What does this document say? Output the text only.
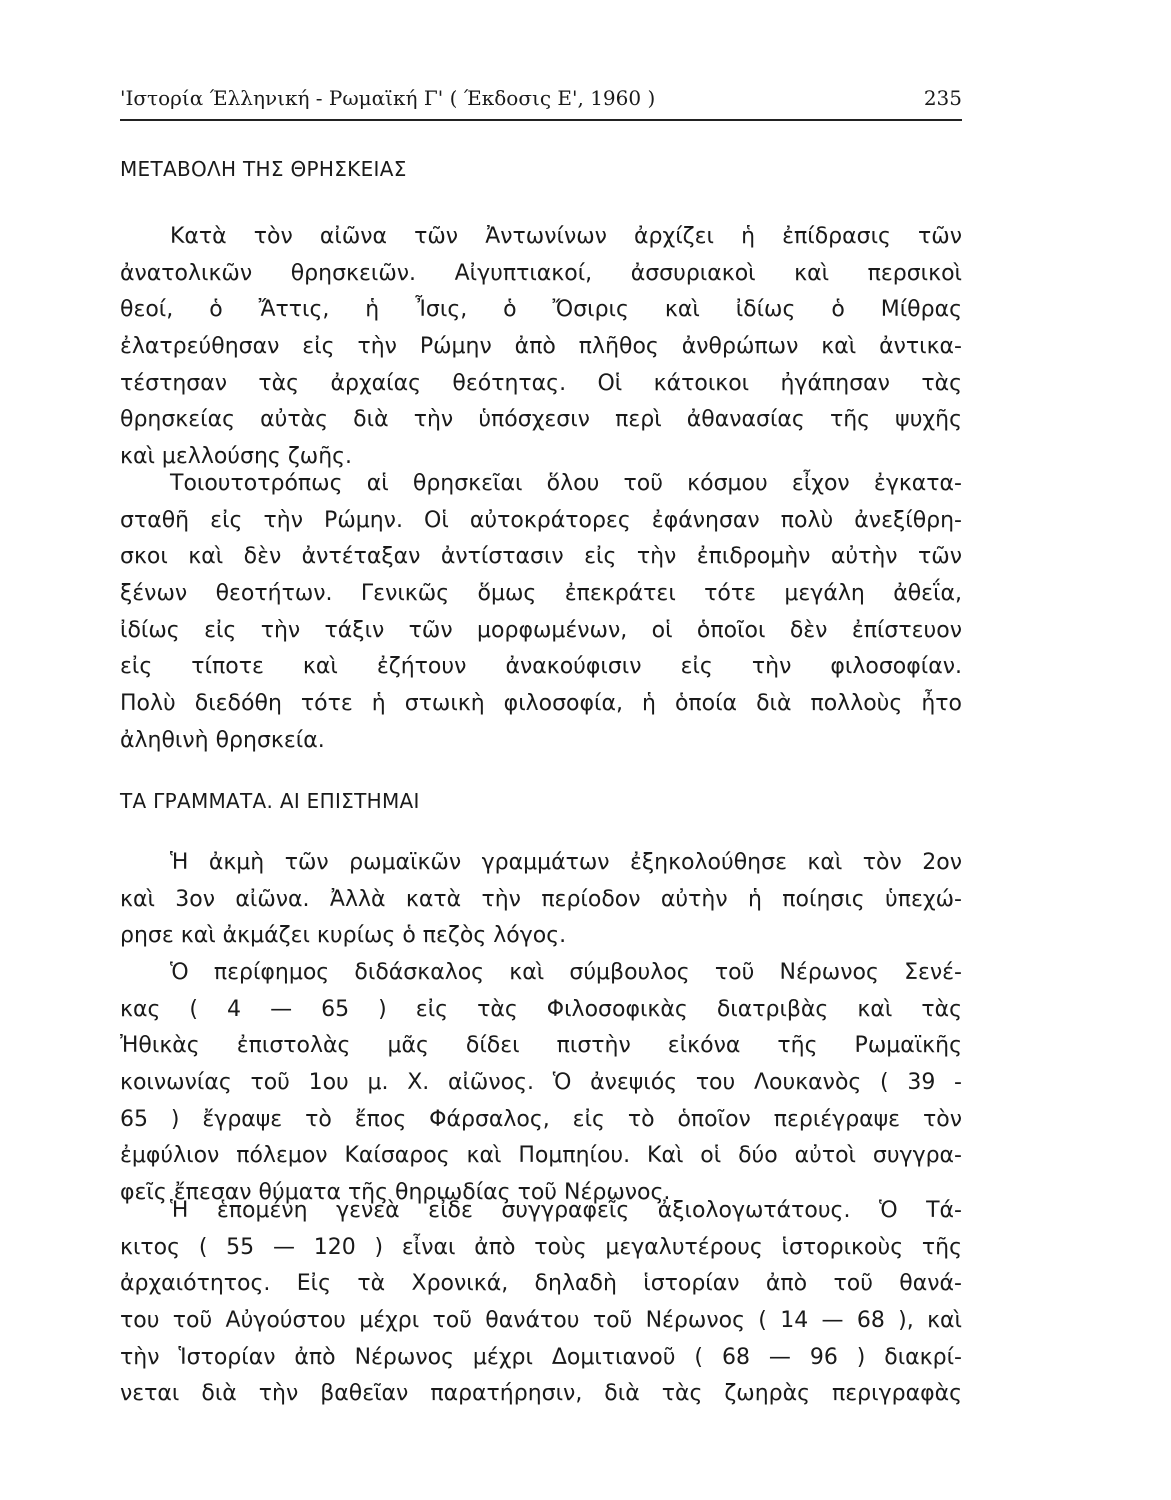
'Ιστορία Έλληνική - Ρωμαϊκή Γ' ( Έκδοσις Ε', 1960 )	235
ΜΕΤΑΒΟΛΗ ΤΗΣ ΘΡΗΣΚΕΙΑΣ
Κατὰ τὸν αἰῶνα τῶν Ἀντωνίνων ἀρχίζει ἡ ἐπίδρασις τῶν
ἀνατολικῶν θρησκειῶν. Αἰγυπτιακοί, ἀσσυριακοὶ καὶ περσικοὶ
θεοί, ὁ Ἄττις, ἡ Ἶσις, ὁ Ὄσιρις καὶ ἰδίως ὁ Μίθρας
ἐλατρεύθησαν εἰς τὴν Ρώμην ἀπὸ πλῆθος ἀνθρώπων καὶ ἀντικα-
τέστησαν τὰς ἀρχαίας θεότητας. Οἱ κάτοικοι ἠγάπησαν τὰς
θρησκείας αὐτὰς διὰ τὴν ὑπόσχεσιν περὶ ἀθανασίας τῆς ψυχῆς
καὶ μελλούσης ζωῆς.
Τοιουτοτρόπως αἱ θρησκεῖαι ὅλου τοῦ κόσμου εἶχον ἐγκατα-
σταθῆ εἰς τὴν Ρώμην. Οἱ αὐτοκράτορες ἐφάνησαν πολὺ ἀνεξίθρη-
σκοι καὶ δὲν ἀντέταξαν ἀντίστασιν εἰς τὴν ἐπιδρομὴν αὐτὴν τῶν
ξένων θεοτήτων. Γενικῶς ὅμως ἐπεκράτει τότε μεγάλη ἀθεΐα,
ἰδίως εἰς τὴν τάξιν τῶν μορφωμένων, οἱ ὁποῖοι δὲν ἐπίστευον
εἰς τίποτε καὶ ἐζήτουν ἀνακούφισιν εἰς τὴν φιλοσοφίαν.
Πολὺ διεδόθη τότε ἡ στωικὴ φιλοσοφία, ἡ ὁποία διὰ πολλοὺς ἦτο
ἀληθινὴ θρησκεία.
ΤΑ ΓΡΑΜΜΑΤΑ. ΑΙ ΕΠΙΣΤΗΜΑΙ
Ἡ ἀκμὴ τῶν ρωμαϊκῶν γραμμάτων ἐξηκολούθησε καὶ τὸν 2ον
καὶ 3ον αἰῶνα. Ἀλλὰ κατὰ τὴν περίοδον αὐτὴν ἡ ποίησις ὑπεχώ-
ρησε καὶ ἀκμάζει κυρίως ὁ πεζὸς λόγος.
Ὁ περίφημος διδάσκαλος καὶ σύμβουλος τοῦ Νέρωνος Σενέ-
κας ( 4 — 65 ) εἰς τὰς Φιλοσοφικὰς διατριβὰς καὶ τὰς
Ἠθικὰς ἐπιστολὰς μᾶς δίδει πιστὴν εἰκόνα τῆς Ρωμαϊκῆς
κοινωνίας τοῦ 1ου μ. Χ. αἰῶνος. Ὁ ἀνεψιός του Λουκανὸς ( 39 -
65 ) ἔγραψε τὸ ἔπος Φάρσαλος, εἰς τὸ ὁποῖον περιέγραψε τὸν
ἐμφύλιον πόλεμον Καίσαρος καὶ Πομπηίου. Καὶ οἱ δύο αὐτοὶ συγγρα-
φεῖς ἔπεσαν θύματα τῆς θηριωδίας τοῦ Νέρωνος.
Ἡ ἑπομένη γενεὰ εἶδε συγγραφεῖς ἀξιολογωτάτους. Ὁ Τά-
κιτος ( 55 — 120 ) εἶναι ἀπὸ τοὺς μεγαλυτέρους ἱστορικοὺς τῆς
ἀρχαιότητος. Εἰς τὰ Χρονικά, δηλαδὴ ἱστορίαν ἀπὸ τοῦ θανά-
του τοῦ Αὐγούστου μέχρι τοῦ θανάτου τοῦ Νέρωνος ( 14 — 68 ), καὶ
τὴν Ἱστορίαν ἀπὸ Νέρωνος μέχρι Δομιτιανοῦ ( 68 — 96 ) διακρί-
νεται διὰ τὴν βαθεῖαν παρατήρησιν, διὰ τὰς ζωηρὰς περιγραφὰς
